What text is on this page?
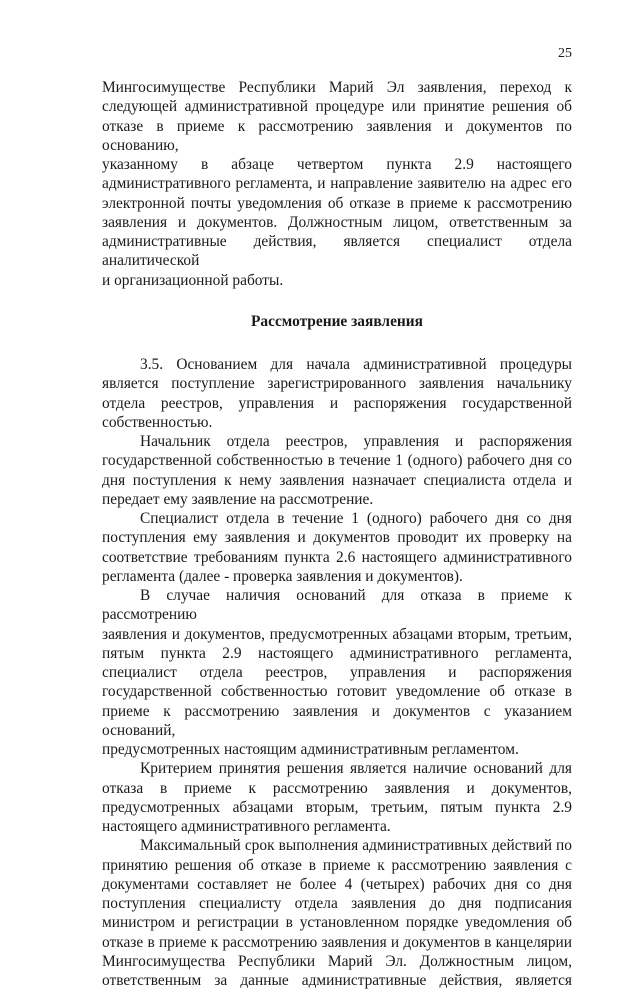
25

Мингосимуществе Республики Марий Эл заявления, переход к
следующей административной процедуре или принятие решения об
отказе в приеме к рассмотрению заявления и документов по основанию,
указанному в абзаце четвертом пункта 2.9 настоящего
административного регламента, и направление заявителю на адрес его
электронной почты уведомления об отказе в приеме к рассмотрению
заявления и документов. Должностным лицом, ответственным за
административные действия, является специалист отдела аналитической
и организационной работы.

Рассмотрение заявления

3.5. Основанием для начала административной процедуры
является поступление зарегистрированного заявления начальнику
отдела реестров, управления и распоряжения государственной
собственностью.

Начальник отдела реестров, управления и распоряжения
государственной собственностью в течение 1 (одного) рабочего дня со
дня поступления к нему заявления назначает специалиста отдела и
передает ему заявление на рассмотрение.

Специалист отдела в течение 1 (одного) рабочего дня со дня
поступления ему заявления и документов проводит их проверку на
соответствие требованиям пункта 2.6 настоящего административного
регламента (далее - проверка заявления и документов).

В случае наличия оснований для отказа в приеме к рассмотрению
заявления и документов, предусмотренных абзацами вторым, третьим,
пятым пункта 2.9 настоящего административного регламента,
специалист отдела реестров, управления и распоряжения
государственной собственностью готовит уведомление об отказе в
приеме к рассмотрению заявления и документов с указанием оснований,
предусмотренных настоящим административным регламентом.

Критерием принятия решения является наличие оснований для
отказа в приеме к рассмотрению заявления и документов,
предусмотренных абзацами вторым, третьим, пятым пункта 2.9
настоящего административного регламента.

Максимальный срок выполнения административных действий по
принятию решения об отказе в приеме к рассмотрению заявления с
документами составляет не более 4 (четырех) рабочих дня со дня
поступления специалисту отдела заявления до дня подписания
министром и регистрации в установленном порядке уведомления об
отказе в приеме к рассмотрению заявления и документов в канцелярии
Мингосимущества Республики Марий Эл. Должностным лицом,
ответственным за данные административные действия, является
